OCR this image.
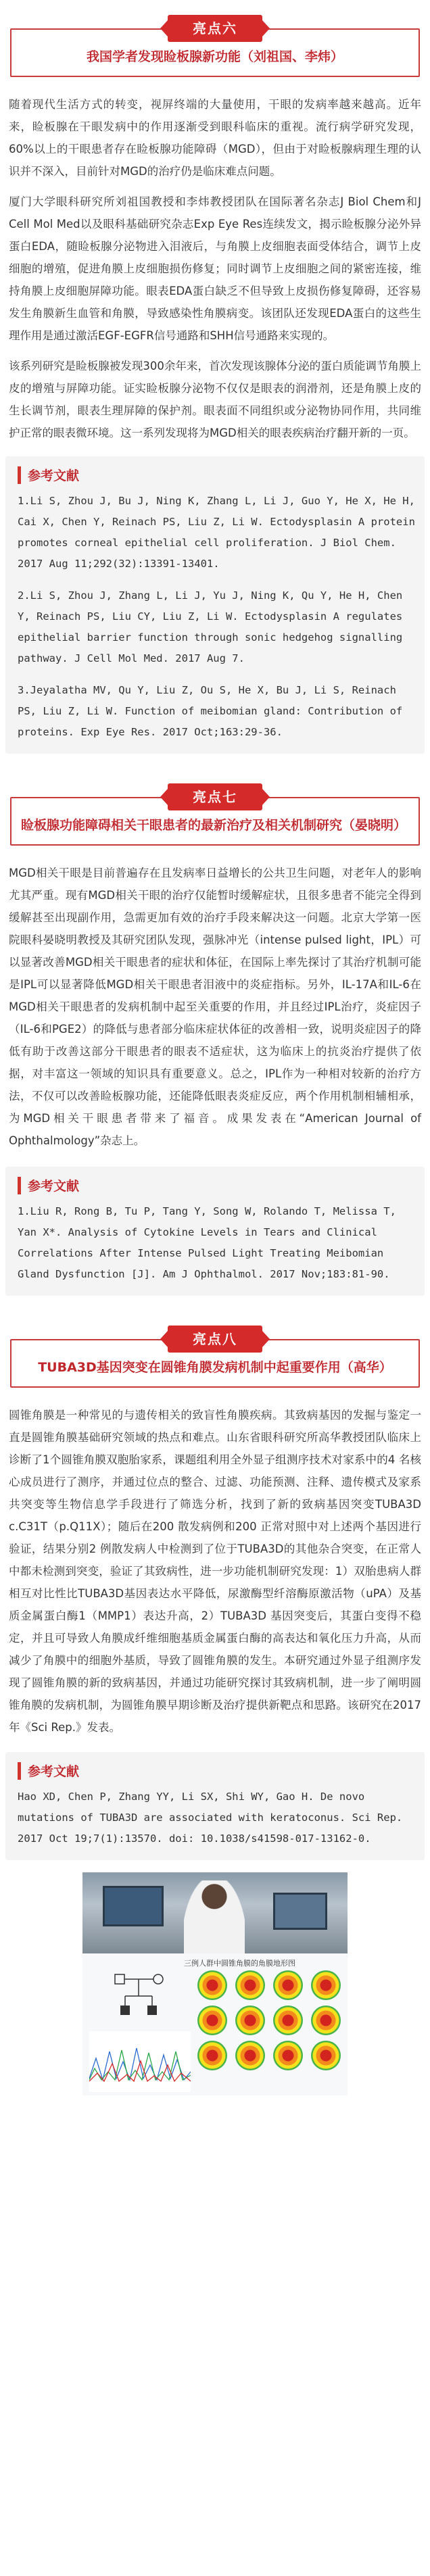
亮点六
我国学者发现睑板腺新功能（刘祖国、李炜）

随着现代生活方式的转变，视屏终端的大量使用，干眼的发病率越来越高。近年来，睑板腺在干眼发病中的作用逐渐受到眼科临床的重视。流行病学研究发现，60%以上的干眼患者存在睑板腺功能障碍（MGD），但由于对睑板腺病理生理的认识并不深入，目前针对MGD的治疗仍是临床难点问题。

厦门大学眼科研究所刘祖国教授和李炜教授团队在国际著名杂志J Biol Chem和J Cell Mol Med以及眼科基础研究杂志Exp Eye Res连续发文，揭示睑板腺分泌外异蛋白EDA，随睑板腺分泌物进入泪液后，与角膜上皮细胞表面受体结合，调节上皮细胞的增殖，促进角膜上皮细胞损伤修复；同时调节上皮细胞之间的紧密连接，维持角膜上皮细胞屏障功能。眼表EDA蛋白缺乏不但导致上皮损伤修复障碍，还容易发生角膜新生血管和角膜，导致感染性角膜病变。该团队还发现EDA蛋白的这些生理作用是通过激活EGF-EGFR信号通路和SHH信号通路来实现的。

该系列研究是睑板腺被发现300余年来，首次发现该腺体分泌的蛋白质能调节角膜上皮的增殖与屏障功能。证实睑板腺分泌物不仅仅是眼表的润滑剂，还是角膜上皮的生长调节剂，眼表生理屏障的保护剂。眼表面不同组织或分泌物协同作用，共同维护正常的眼表微环境。这一系列发现将为MGD相关的眼表疾病治疗翻开新的一页。

参考文献

1.Li S, Zhou J, Bu J, Ning K, Zhang L, Li J, Guo Y, He X, He H, Cai X, Chen Y, Reinach PS, Liu Z, Li W. Ectodysplasin A protein promotes corneal epithelial cell proliferation. J Biol Chem. 2017 Aug 11;292(32):13391-13401.

2.Li S, Zhou J, Zhang L, Li J, Yu J, Ning K, Qu Y, He H, Chen Y, Reinach PS, Liu CY, Liu Z, Li W. Ectodysplasin A regulates epithelial barrier function through sonic hedgehog signalling pathway. J Cell Mol Med. 2017 Aug 7.

3.Jeyalatha MV, Qu Y, Liu Z, Ou S, He X, Bu J, Li S, Reinach PS, Liu Z, Li W. Function of meibomian gland: Contribution of proteins. Exp Eye Res. 2017 Oct;163:29-36.

亮点七
睑板腺功能障碍相关干眼患者的最新治疗及相关机制研究（晏晓明）

MGD相关干眼是目前普遍存在且发病率日益增长的公共卫生问题，对老年人的影响尤其严重。现有MGD相关干眼的治疗仅能暂时缓解症状，且很多患者不能完全得到缓解甚至出现副作用，急需更加有效的治疗手段来解决这一问题。北京大学第一医院眼科晏晓明教授及其研究团队发现，强脉冲光（intense pulsed light，IPL）可以显著改善MGD相关干眼患者的症状和体征，在国际上率先探讨了其治疗机制可能是IPL可以显著降低MGD相关干眼患者泪液中的炎症指标。另外，IL-17A和IL-6在MGD相关干眼患者的发病机制中起至关重要的作用，并且经过IPL治疗，炎症因子（IL-6和PGE2）的降低与患者部分临床症状体征的改善相一致，说明炎症因子的降低有助于改善这部分干眼患者的眼表不适症状，这为临床上的抗炎治疗提供了依据，对丰富这一领域的知识具有重要意义。总之，IPL作为一种相对较新的治疗方法，不仅可以改善睑板腺功能，还能降低眼表炎症反应，两个作用机制相辅相承，为MGD相关干眼患者带来了福音。成果发表在“American Journal of Ophthalmology”杂志上。

参考文献

1.Liu R, Rong B, Tu P, Tang Y, Song W, Rolando T, Melissa T, Yan X*. Analysis of Cytokine Levels in Tears and Clinical Correlations After Intense Pulsed Light Treating Meibomian Gland Dysfunction [J]. Am J Ophthalmol. 2017 Nov;183:81-90.

亮点八
TUBA3D基因突变在圆锥角膜发病机制中起重要作用（高华）

圆锥角膜是一种常见的与遗传相关的致盲性角膜疾病。其致病基因的发掘与鉴定一直是圆锥角膜基础研究领域的热点和难点。山东省眼科研究所高华教授团队临床上诊断了1个圆锥角膜双胞胎家系，课题组利用全外显子组测序技术对家系中的4 名核心成员进行了测序，并通过位点的整合、过滤、功能预测、注释、遗传模式及家系共突变等生物信息学手段进行了筛选分析，找到了新的致病基因突变TUBA3D c.C31T（p.Q11X）；随后在200 散发病例和200 正常对照中对上述两个基因进行验证，结果分别2 例散发病人中检测到了位于TUBA3D的其他杂合突变，在正常人中都未检测到突变，验证了其致病性，进一步功能机制研究发现：1）双胎患病人群相互对比性比TUBA3D基因表达水平降低，尿激酶型纤溶酶原激活物（uPA）及基质金属蛋白酶1（MMP1）表达升高，2）TUBA3D 基因突变后，其蛋白变得不稳定，并且可导致人角膜成纤维细胞基质金属蛋白酶的高表达和氧化压力升高，从而减少了角膜中的细胞外基质，导致了圆锥角膜的发生。本研究通过外显子组测序发现了圆锥角膜的新的致病基因，并通过功能研究探讨其致病机制，进一步了阐明圆锥角膜的发病机制，为圆锥角膜早期诊断及治疗提供新靶点和思路。该研究在2017年《Sci Rep.》发表。

参考文献

Hao XD, Chen P, Zhang YY, Li SX, Shi WY, Gao H. De novo mutations of TUBA3D are associated with keratoconus. Sci Rep. 2017 Oct 19;7(1):13570. doi: 10.1038/s41598-017-13162-0.

三例人群中圆锥角膜的角膜地形图
